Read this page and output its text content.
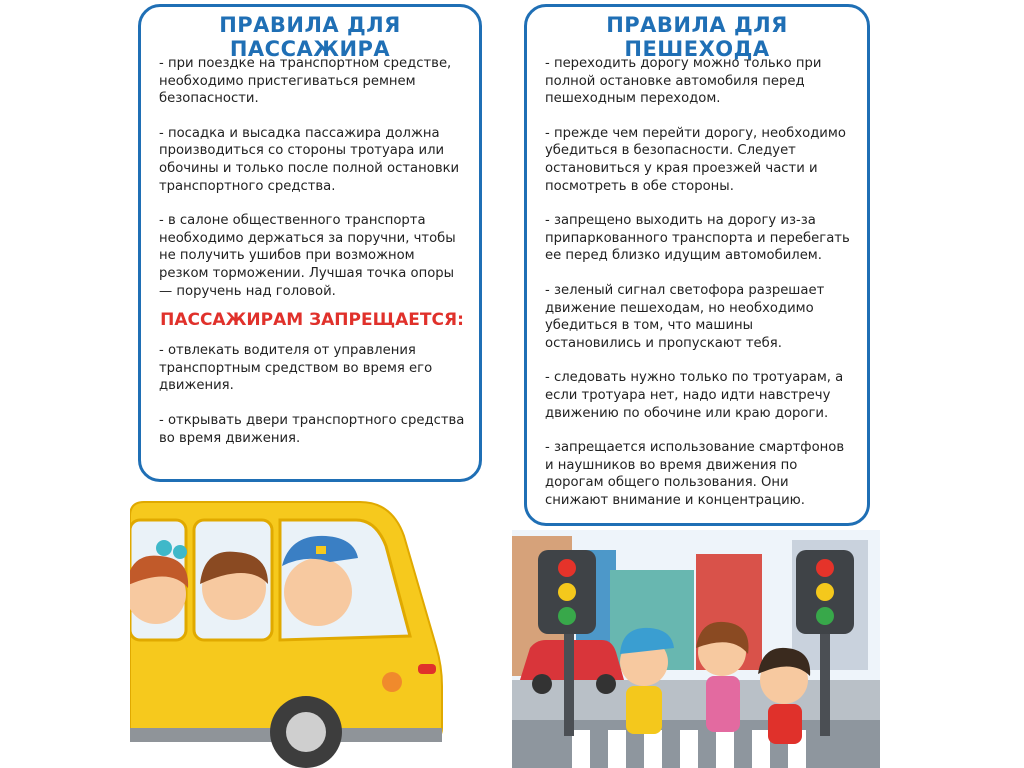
ПРАВИЛА ДЛЯ ПАССАЖИРА

- при поездке на транспортном средстве, необходимо пристегиваться ремнем безопасности.

- посадка и высадка пассажира должна производиться со стороны тротуара или обочины и только после полной остановки транспортного средства.

- в салоне общественного транспорта необходимо держаться за поручни, чтобы не получить ушибов при возможном резком торможении. Лучшая точка опоры — поручень над головой.

ПАССАЖИРАМ ЗАПРЕЩАЕТСЯ:

- отвлекать водителя от управления транспортным средством во время его движения.

- открывать двери транспортного средства во время движения.

ПРАВИЛА ДЛЯ ПЕШЕХОДА

- переходить дорогу можно только при полной остановке автомобиля перед пешеходным переходом.

- прежде чем перейти дорогу, необходимо убедиться в безопасности. Следует остановиться у края проезжей части и посмотреть в обе стороны.

- запрещено выходить на дорогу из-за припаркованного транспорта и перебегать ее перед близко идущим автомобилем.

- зеленый сигнал светофора разрешает движение пешеходам, но необходимо убедиться в том, что машины остановились и пропускают тебя.

- следовать нужно только по тротуарам, а если тротуара нет, надо идти навстречу движению по обочине или краю дороги.

- запрещается использование смартфонов и наушников во время движения по дорогам общего пользования. Они снижают внимание и концентрацию.
